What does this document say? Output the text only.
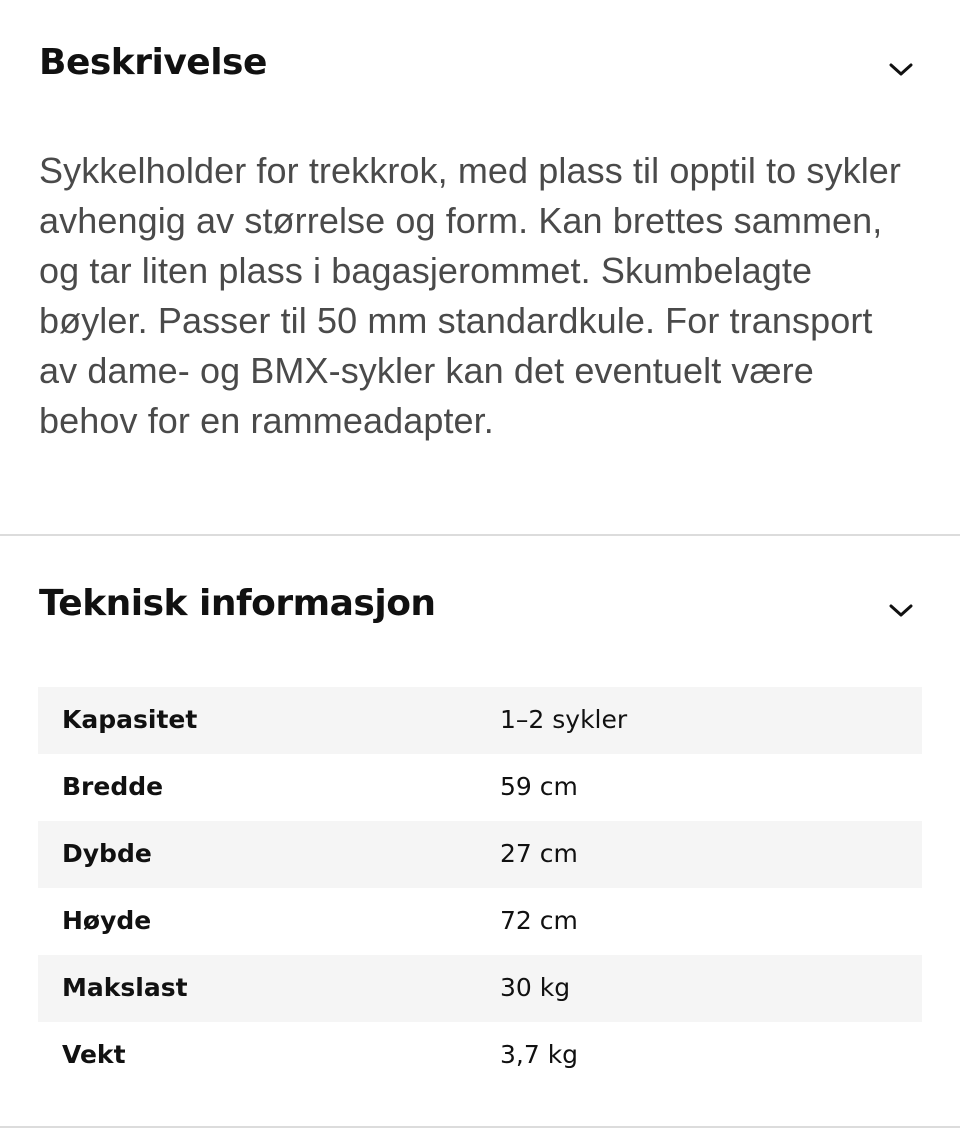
Beskrivelse

Sykkelholder for trekkrok, med plass til opptil to sykler avhengig av størrelse og form. Kan brettes sammen, og tar liten plass i bagasjerommet. Skumbelagte bøyler. Passer til 50 mm standardkule. For transport av dame- og BMX-sykler kan det eventuelt være behov for en rammeadapter.

Teknisk informasjon
Kapasitet	1–2 sykler
Bredde	59 cm
Dybde	27 cm
Høyde	72 cm
Makslast	30 kg
Vekt	3,7 kg
